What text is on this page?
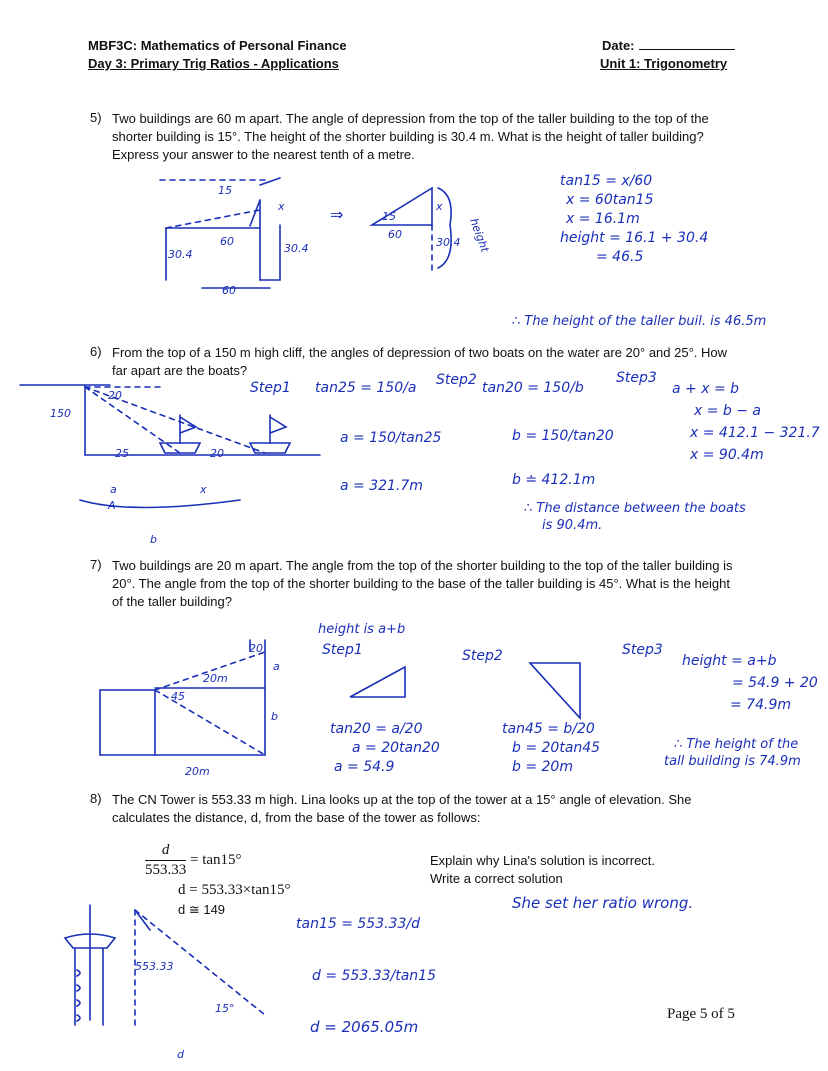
MBF3C: Mathematics of Personal Finance
Day 3: Primary Trig Ratios - Applications
Date:
Unit 1: Trigonometry
5) Two buildings are 60 m apart. The angle of depression from the top of the taller building to the top of the shorter building is 15°. The height of the shorter building is 30.4 m. What is the height of taller building? Express your answer to the nearest tenth of a metre.
15
x
60
30.4	30.4
60
⇒	15
x
60
30.4 height
tan15 = x/60
x = 60tan15
x = 16.1m
height = 16.1 + 30.4
= 46.5
∴ The height of the taller buil. is 46.5m
6) From the top of a 150 m high cliff, the angles of depression of two boats on the water are 20° and 25°. How far apart are the boats?
150
25	20
20
a
A
x
b
Step1 tan25 = 150/a
a = 150/tan25
a = 321.7m
Step2 tan20 = 150/b
b = 150/tan20
b ≐ 412.1m
Step3
a + x = b
x = b − a
x = 412.1 − 321.7
x = 90.4m
∴ The distance between the boats
is 90.4m.
7) Two buildings are 20 m apart. The angle from the top of the shorter building to the top of the taller building is 20°. The angle from the top of the shorter building to the base of the taller building is 45°. What is the height of the taller building?
20m
20m
a
b
20
45
height is a+b
Step1
tan20 = a/20
a = 20tan20
a = 54.9
Step2
tan45 = b/20
b = 20tan45
b = 20m
Step3
height = a+b
= 54.9 + 20
= 74.9m
∴ The height of the
tall building is 74.9m
8) The CN Tower is 553.33 m high. Lina looks up at the top of the tower at a 15° angle of elevation. She calculates the distance, d, from the base of the tower as follows:
$\frac{d}{553.33} = \tan 15^\circ$
d = 553.33×tan15°
d ≅ 149
Explain why Lina's solution is incorrect.
Write a correct solution
She set her ratio wrong.
553.33
15°
d
tan15 = 553.33/d
d = 553.33/tan15
d = 2065.05m
Page 5 of 5
